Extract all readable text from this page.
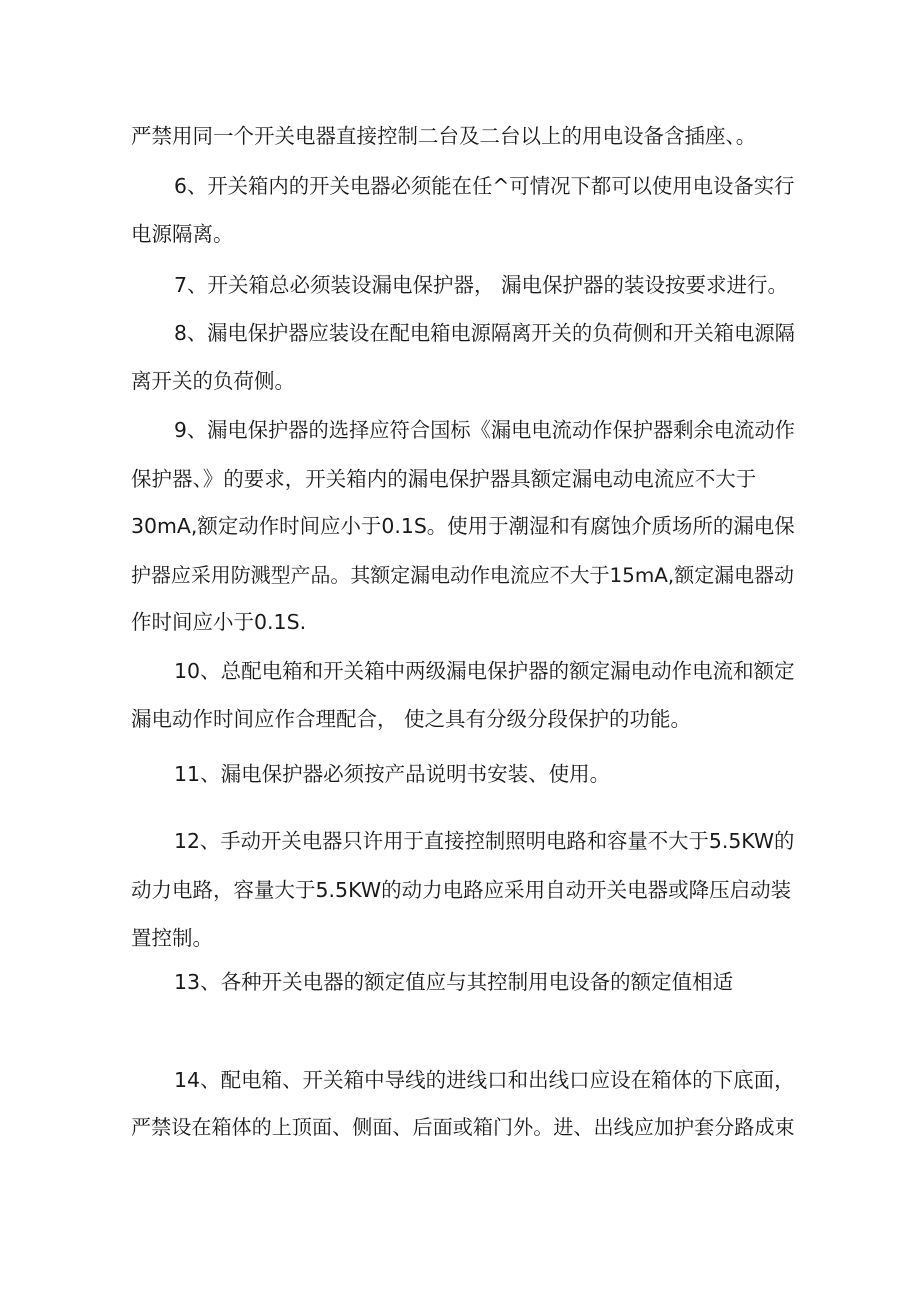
严禁用同一个开关电器直接控制二台及二台以上的用电设备含插座、。

6、开关箱内的开关电器必须能在任^可情况下都可以使用电设备实行

电源隔离。

7、开关箱总必须装设漏电保护器， 漏电保护器的装设按要求进行。

8、漏电保护器应装设在配电箱电源隔离开关的负荷侧和开关箱电源隔

离开关的负荷侧。

9、漏电保护器的选择应符合国标《漏电电流动作保护器剩余电流动作

保护器、》的要求，开关箱内的漏电保护器具额定漏电动电流应不大于

30mA,额定动作时间应小于0.1S。使用于潮湿和有腐蚀介质场所的漏电保

护器应采用防溅型产品。其额定漏电动作电流应不大于15mA,额定漏电器动

作时间应小于0.1S.

10、总配电箱和开关箱中两级漏电保护器的额定漏电动作电流和额定

漏电动作时间应作合理配合， 使之具有分级分段保护的功能。

11、漏电保护器必须按产品说明书安装、使用。

12、手动开关电器只许用于直接控制照明电路和容量不大于5.5KW的

动力电路，容量大于5.5KW的动力电路应采用自动开关电器或降压启动装

置控制。

13、各种开关电器的额定值应与其控制用电设备的额定值相适

14、配电箱、开关箱中导线的进线口和出线口应设在箱体的下底面，

严禁设在箱体的上顶面、侧面、后面或箱门外。进、出线应加护套分路成束
